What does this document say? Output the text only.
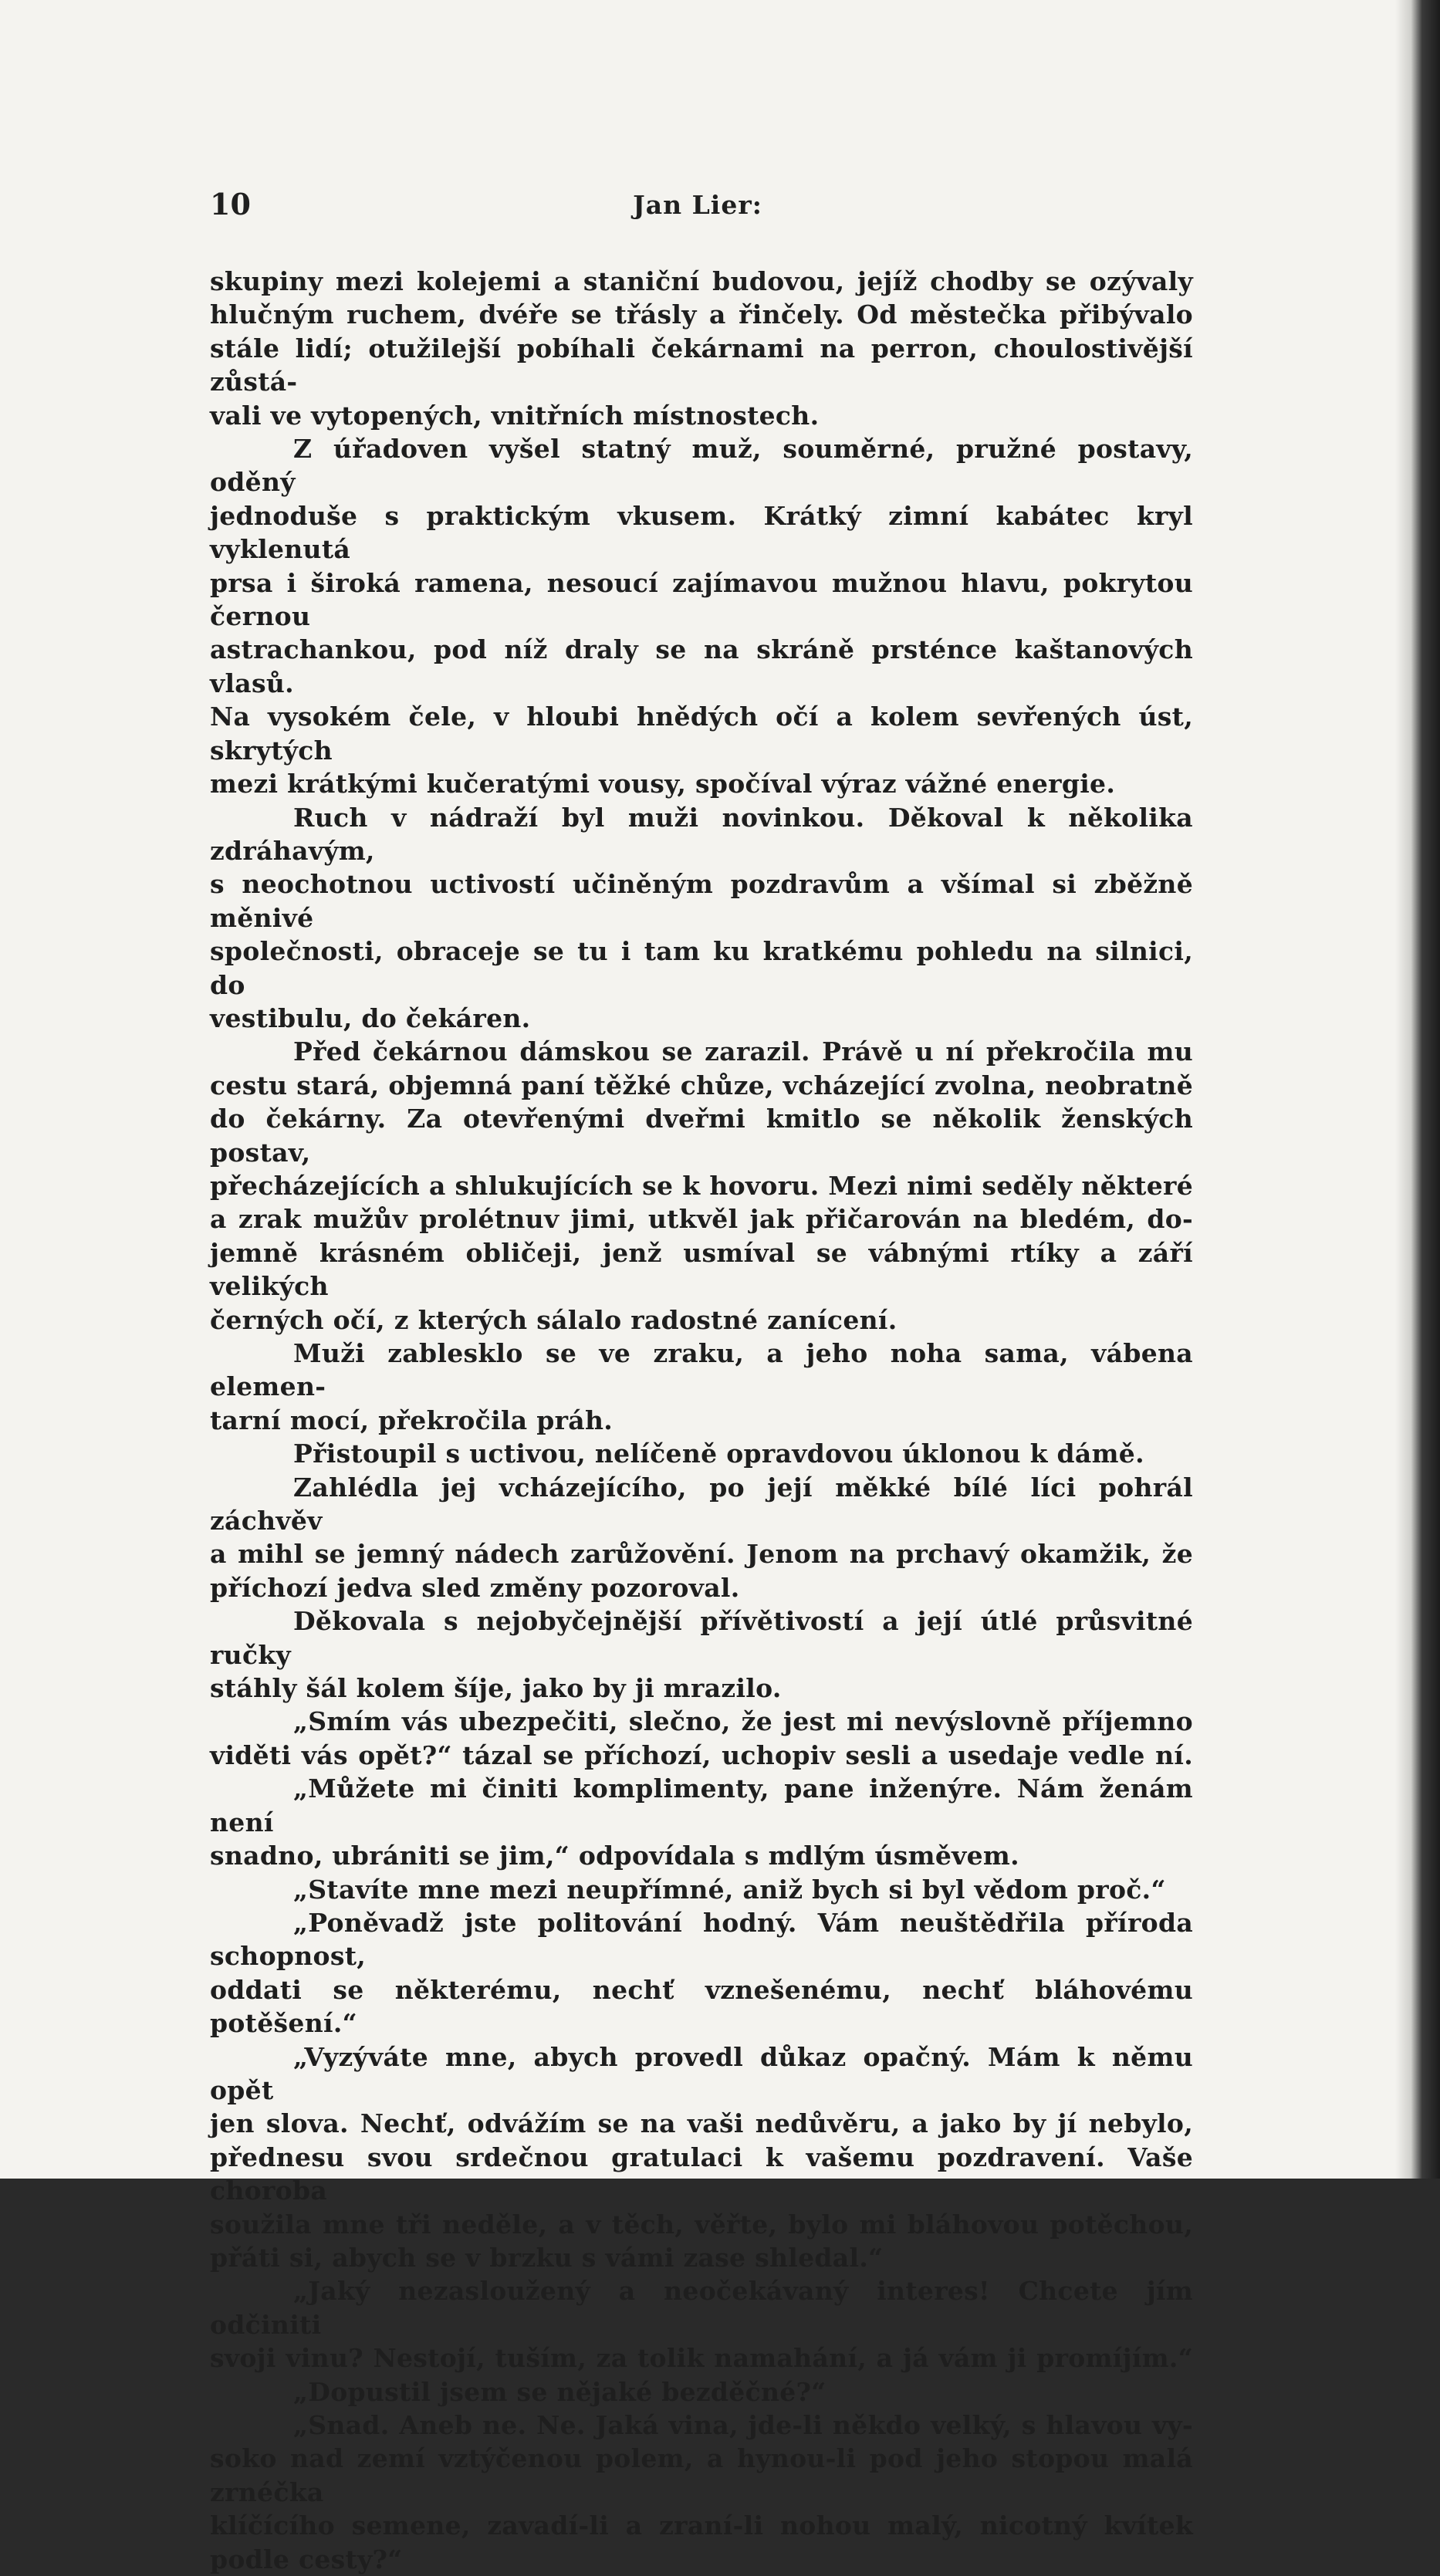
10	Jan Lier:

skupiny mezi kolejemi a staniční budovou, jejíž chodby se ozývaly

hlučným ruchem, dvéře se třásly a řinčely. Od městečka přibývalo

stále lidí; otužilejší pobíhali čekárnami na perron, choulostivější zůstá-

vali ve vytopených, vnitřních místnostech.

Z úřadoven vyšel statný muž, souměrné, pružné postavy, oděný

jednoduše s praktickým vkusem. Krátký zimní kabátec kryl vyklenutá

prsa i široká ramena, nesoucí zajímavou mužnou hlavu, pokrytou černou

astrachankou, pod níž draly se na skráně prsténce kaštanových vlasů.

Na vysokém čele, v hloubi hnědých očí a kolem sevřených úst, skrytých

mezi krátkými kučeratými vousy, spočíval výraz vážné energie.

Ruch v nádraží byl muži novinkou. Děkoval k několika zdráhavým,

s neochotnou uctivostí učiněným pozdravům a všímal si zběžně měnivé

společnosti, obraceje se tu i tam ku kratkému pohledu na silnici, do

vestibulu, do čekáren.

Před čekárnou dámskou se zarazil. Právě u ní překročila mu

cestu stará, objemná paní těžké chůze, vcházející zvolna, neobratně

do čekárny. Za otevřenými dveřmi kmitlo se několik ženských postav,

přecházejících a shlukujících se k hovoru. Mezi nimi seděly některé

a zrak mužův prolétnuv jimi, utkvěl jak přičarován na bledém, do-

jemně krásném obličeji, jenž usmíval se vábnými rtíky a září velikých

černých očí, z kterých sálalo radostné zanícení.

Muži zablesklo se ve zraku, a jeho noha sama, vábena elemen-

tarní mocí, překročila práh.

Přistoupil s uctivou, nelíčeně opravdovou úklonou k dámě.

Zahlédla jej vcházejícího, po její měkké bílé líci pohrál záchvěv

a mihl se jemný nádech zarůžovění. Jenom na prchavý okamžik, že

příchozí jedva sled změny pozoroval.

Děkovala s nejobyčejnější přívětivostí a její útlé průsvitné ručky

stáhly šál kolem šíje, jako by ji mrazilo.

„Smím vás ubezpečiti, slečno, že jest mi nevýslovně příjemno

viděti vás opět?“ tázal se příchozí, uchopiv sesli a usedaje vedle ní.

„Můžete mi činiti komplimenty, pane inženýre. Nám ženám není

snadno, ubrániti se jim,“ odpovídala s mdlým úsměvem.

„Stavíte mne mezi neupřímné, aniž bych si byl vědom proč.“

„Poněvadž jste politování hodný. Vám neuštědřila příroda schopnost,

oddati se některému, nechť vznešenému, nechť bláhovému potěšení.“

„Vyzýváte mne, abych provedl důkaz opačný. Mám k němu opět

jen slova. Nechť, odvážím se na vaši nedůvěru, a jako by jí nebylo,

přednesu svou srdečnou gratulaci k vašemu pozdravení. Vaše choroba

soužila mne tři neděle, a v těch, věřte, bylo mi bláhovou potěchou,

přáti si, abych se v brzku s vámi zase shledal.“

„Jaký nezasloužený a neočekávaný interes! Chcete jím odčiniti

svoji vinu? Nestojí, tuším, za tolik namahání, a já vám ji promíjím.“

„Dopustil jsem se nějaké bezděčné?“

„Snad. Aneb ne. Ne. Jaká vina, jde-li někdo velký, s hlavou vy-

soko nad zemí vztýčenou polem, a hynou-li pod jeho stopou malá zrnéčka

klíčícího semene, zavadí-li a zraní-li nohou malý, nicotný kvítek

podle cesty?“
